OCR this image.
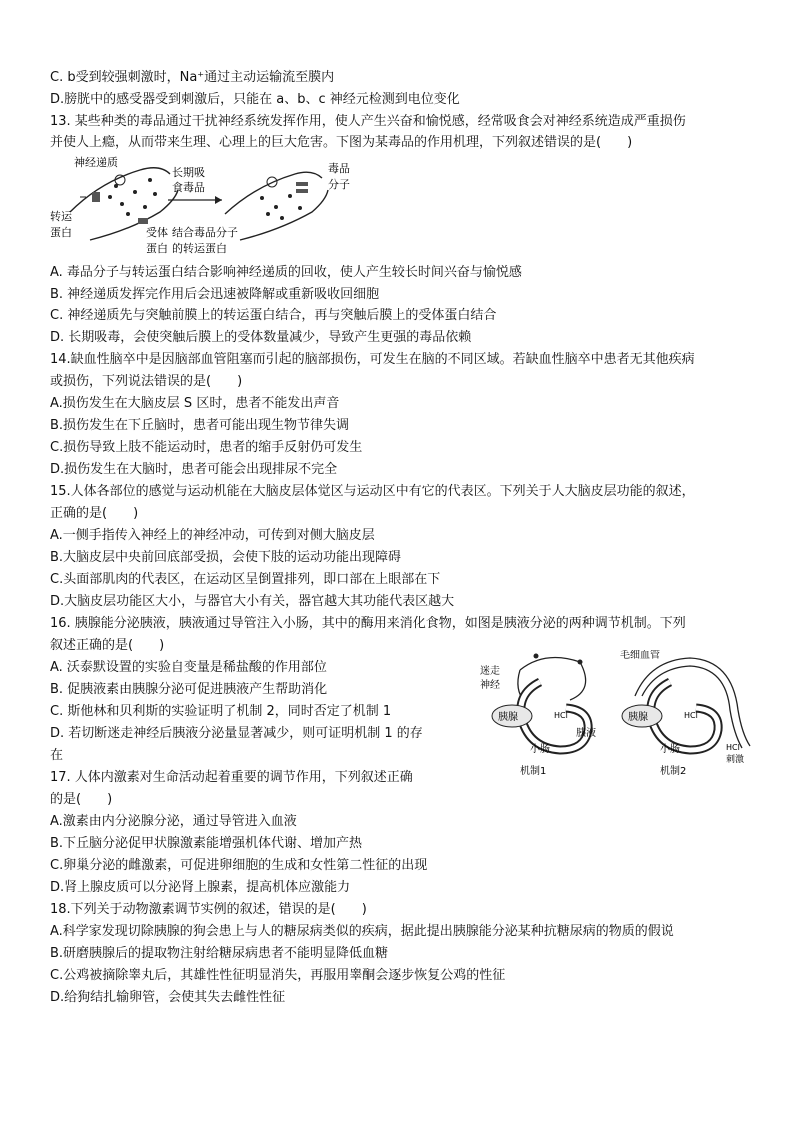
C. b受到较强刺激时，Na⁺通过主动运输流至膜内
D.膀胱中的感受器受到刺激后，只能在 a、b、c 神经元检测到电位变化
13. 某些种类的毒品通过干扰神经系统发挥作用，使人产生兴奋和愉悦感，经常吸食会对神经系统造成严重损伤
并使人上瘾，从而带来生理、心理上的巨大危害。下图为某毒品的作用机理，下列叙述错误的是(　　)
神经递质
转运
蛋白	受体
蛋白
长期吸
食毒品
毒品
分子
结合毒品分子
的转运蛋白
A. 毒品分子与转运蛋白结合影响神经递质的回收，使人产生较长时间兴奋与愉悦感
B. 神经递质发挥完作用后会迅速被降解或重新吸收回细胞
C. 神经递质先与突触前膜上的转运蛋白结合，再与突触后膜上的受体蛋白结合
D. 长期吸毒，会使突触后膜上的受体数量减少，导致产生更强的毒品依赖
14.缺血性脑卒中是因脑部血管阻塞而引起的脑部损伤，可发生在脑的不同区域。若缺血性脑卒中患者无其他疾病
或损伤，下列说法错误的是(　　)
A.损伤发生在大脑皮层 S 区时，患者不能发出声音
B.损伤发生在下丘脑时，患者可能出现生物节律失调
C.损伤导致上肢不能运动时，患者的缩手反射仍可发生
D.损伤发生在大脑时，患者可能会出现排尿不完全
15.人体各部位的感觉与运动机能在大脑皮层体觉区与运动区中有它的代表区。下列关于人大脑皮层功能的叙述，
正确的是(　　)
A.一侧手指传入神经上的神经冲动，可传到对侧大脑皮层
B.大脑皮层中央前回底部受损，会使下肢的运动功能出现障碍
C.头面部肌肉的代表区，在运动区呈倒置排列，即口部在上眼部在下
D.大脑皮层功能区大小，与器官大小有关，器官越大其功能代表区越大
16. 胰腺能分泌胰液，胰液通过导管注入小肠，其中的酶用来消化食物，如图是胰液分泌的两种调节机制。下列
叙述正确的是(　　)
A. 沃泰默设置的实验自变量是稀盐酸的作用部位
B. 促胰液素由胰腺分泌可促进胰液产生帮助消化
C. 斯他林和贝利斯的实验证明了机制 2，同时否定了机制 1
D. 若切断迷走神经后胰液分泌量显著减少，则可证明机制 1 的存
在
迷走
神经
胰腺	HCl
胰液
小肠
机制1
毛细血管
胰腺	HCl
小肠	HCl
刺激
机制2
17. 人体内激素对生命活动起着重要的调节作用，下列叙述正确
的是(　　)
A.激素由内分泌腺分泌，通过导管进入血液
B.下丘脑分泌促甲状腺激素能增强机体代谢、增加产热
C.卵巢分泌的雌激素，可促进卵细胞的生成和女性第二性征的出现
D.肾上腺皮质可以分泌肾上腺素，提高机体应激能力
18.下列关于动物激素调节实例的叙述，错误的是(　　)
A.科学家发现切除胰腺的狗会患上与人的糖尿病类似的疾病，据此提出胰腺能分泌某种抗糖尿病的物质的假说
B.研磨胰腺后的提取物注射给糖尿病患者不能明显降低血糖
C.公鸡被摘除睾丸后，其雄性性征明显消失，再服用睾酮会逐步恢复公鸡的性征
D.给狗结扎输卵管，会使其失去雌性性征
